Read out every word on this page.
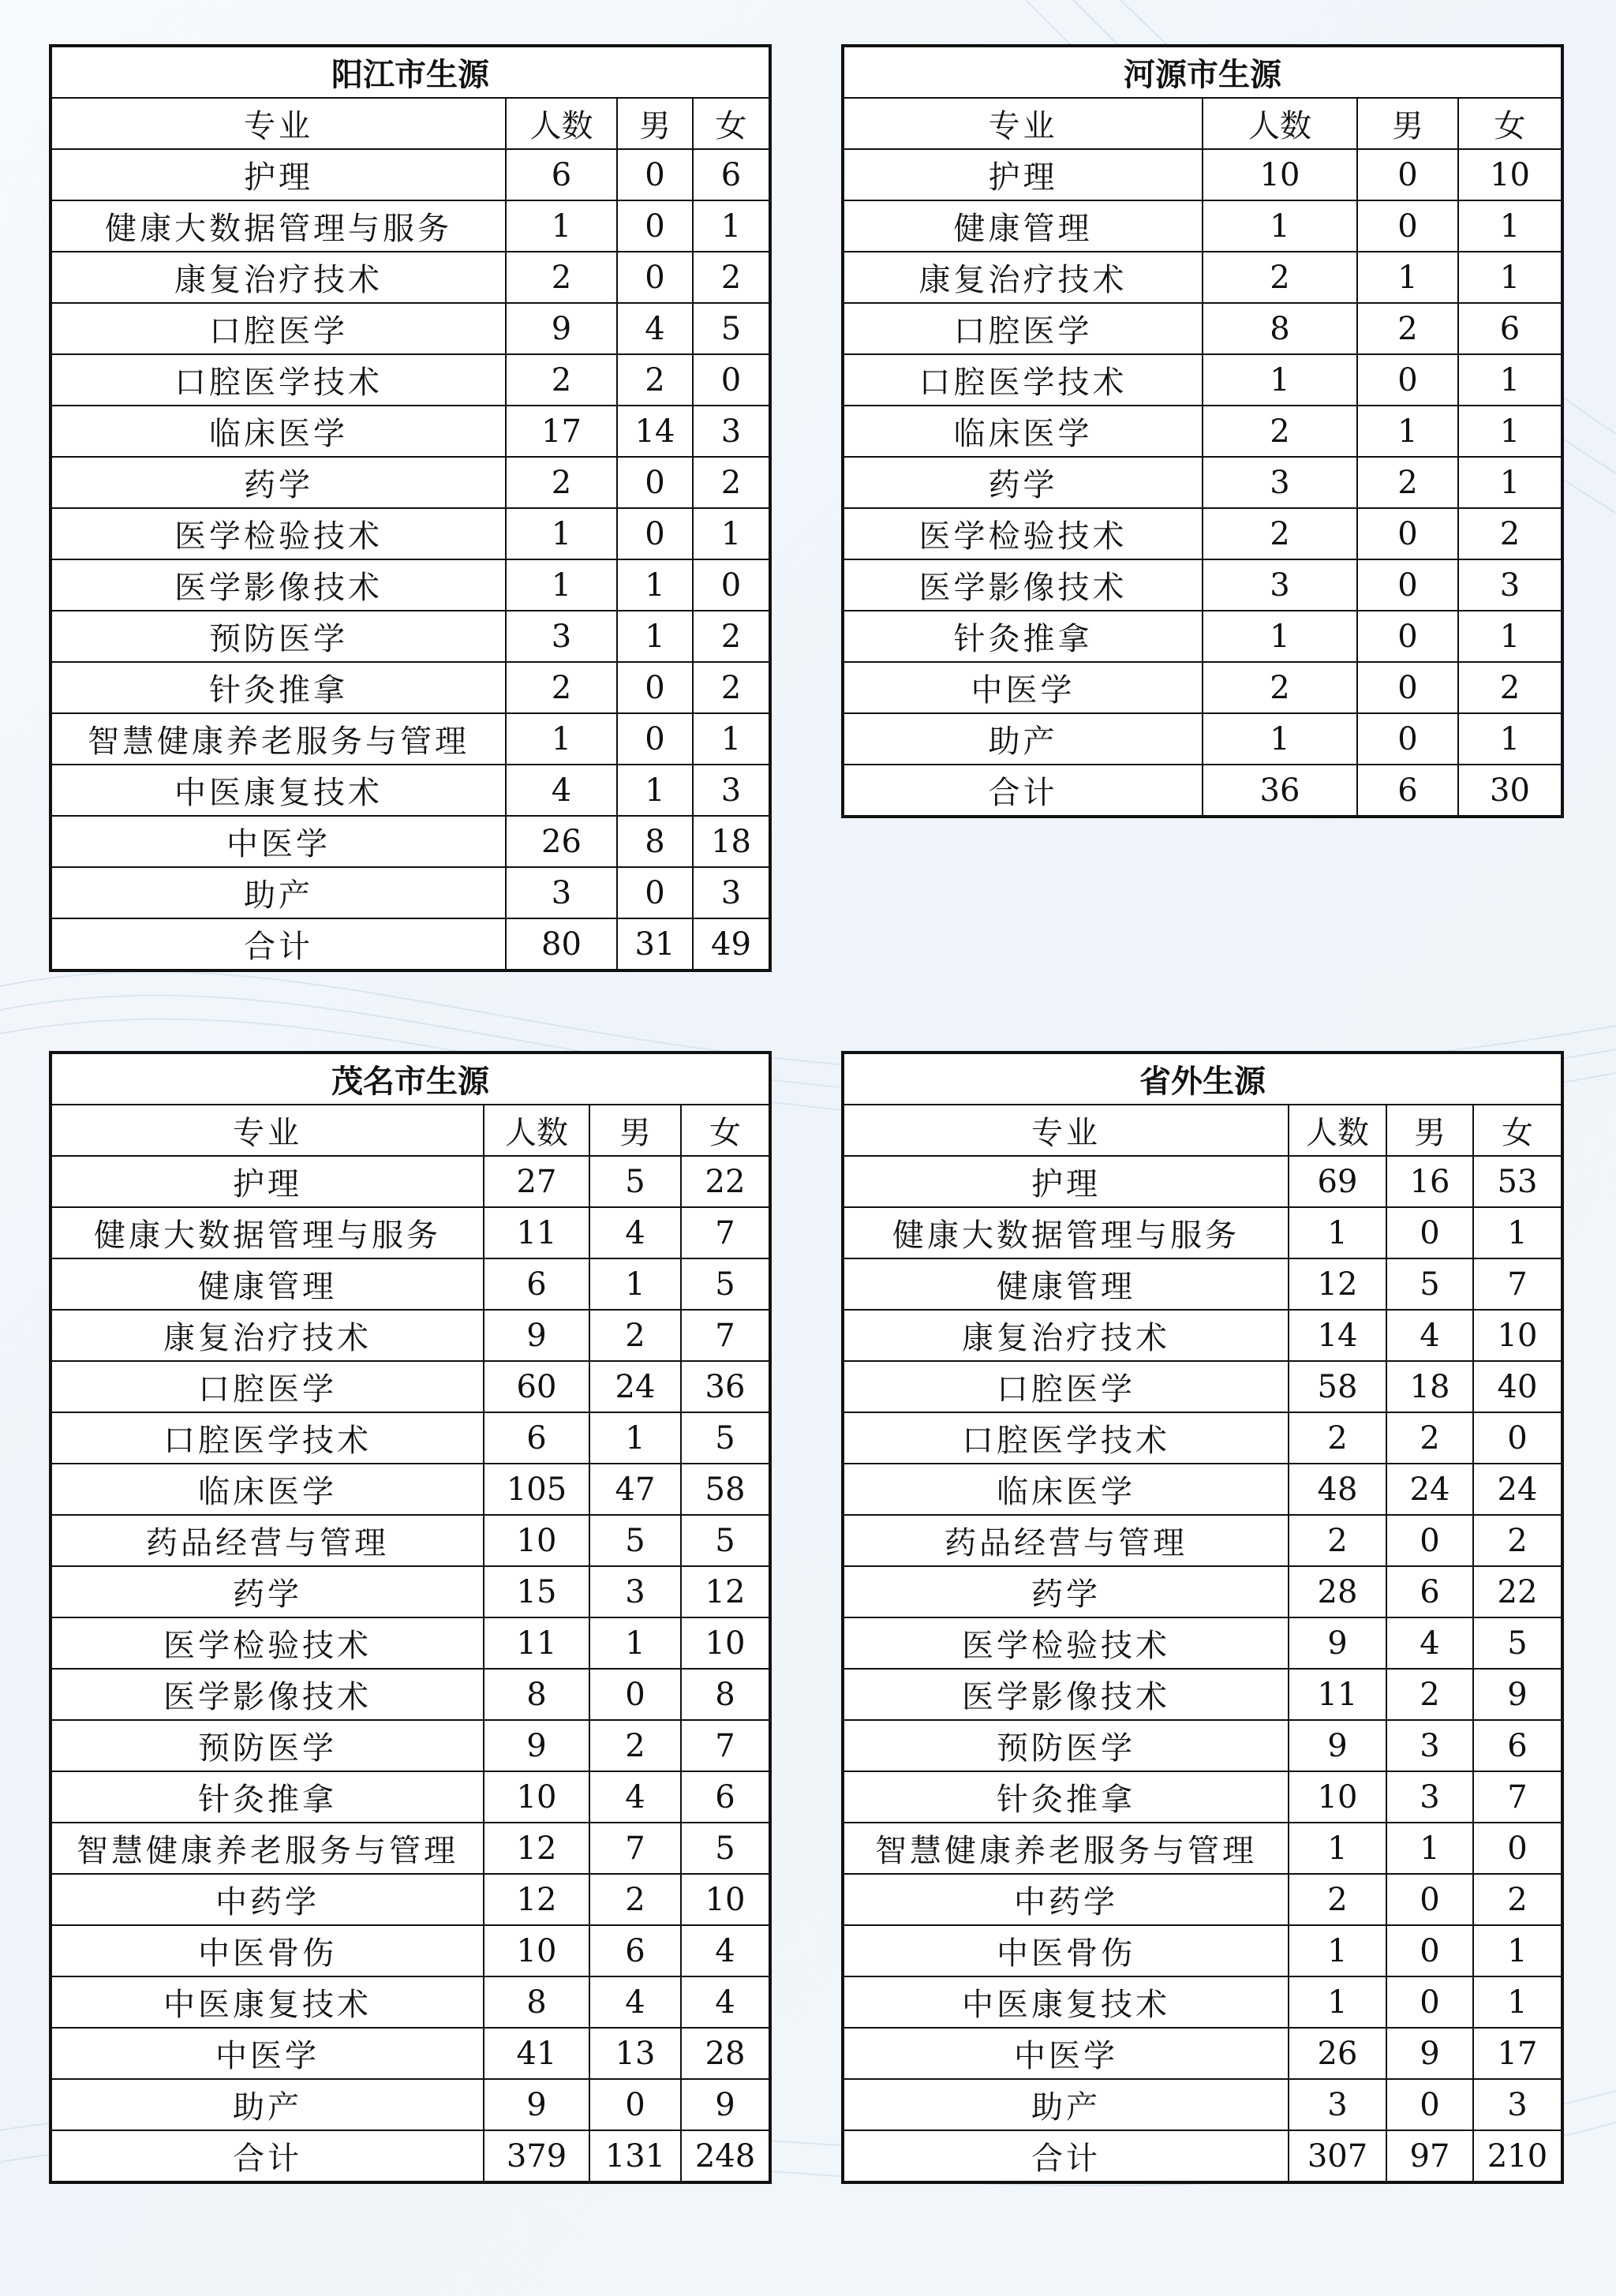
阳江市生源			
专业	人数	男	女
护理	6	0	6
健康大数据管理与服务	1	0	1
康复治疗技术	2	0	2
口腔医学	9	4	5
口腔医学技术	2	2	0
临床医学	17	14	3
药学	2	0	2
医学检验技术	1	0	1
医学影像技术	1	1	0
预防医学	3	1	2
针灸推拿	2	0	2
智慧健康养老服务与管理	1	0	1
中医康复技术	4	1	3
中医学	26	8	18
助产	3	0	3
合计	80	31	49
河源市生源			
专业	人数	男	女
护理	10	0	10
健康管理	1	0	1
康复治疗技术	2	1	1
口腔医学	8	2	6
口腔医学技术	1	0	1
临床医学	2	1	1
药学	3	2	1
医学检验技术	2	0	2
医学影像技术	3	0	3
针灸推拿	1	0	1
中医学	2	0	2
助产	1	0	1
合计	36	6	30
茂名市生源			
专业	人数	男	女
护理	27	5	22
健康大数据管理与服务	11	4	7
健康管理	6	1	5
康复治疗技术	9	2	7
口腔医学	60	24	36
口腔医学技术	6	1	5
临床医学	105	47	58
药品经营与管理	10	5	5
药学	15	3	12
医学检验技术	11	1	10
医学影像技术	8	0	8
预防医学	9	2	7
针灸推拿	10	4	6
智慧健康养老服务与管理	12	7	5
中药学	12	2	10
中医骨伤	10	6	4
中医康复技术	8	4	4
中医学	41	13	28
助产	9	0	9
合计	379	131	248
省外生源			
专业	人数	男	女
护理	69	16	53
健康大数据管理与服务	1	0	1
健康管理	12	5	7
康复治疗技术	14	4	10
口腔医学	58	18	40
口腔医学技术	2	2	0
临床医学	48	24	24
药品经营与管理	2	0	2
药学	28	6	22
医学检验技术	9	4	5
医学影像技术	11	2	9
预防医学	9	3	6
针灸推拿	10	3	7
智慧健康养老服务与管理	1	1	0
中药学	2	0	2
中医骨伤	1	0	1
中医康复技术	1	0	1
中医学	26	9	17
助产	3	0	3
合计	307	97	210
